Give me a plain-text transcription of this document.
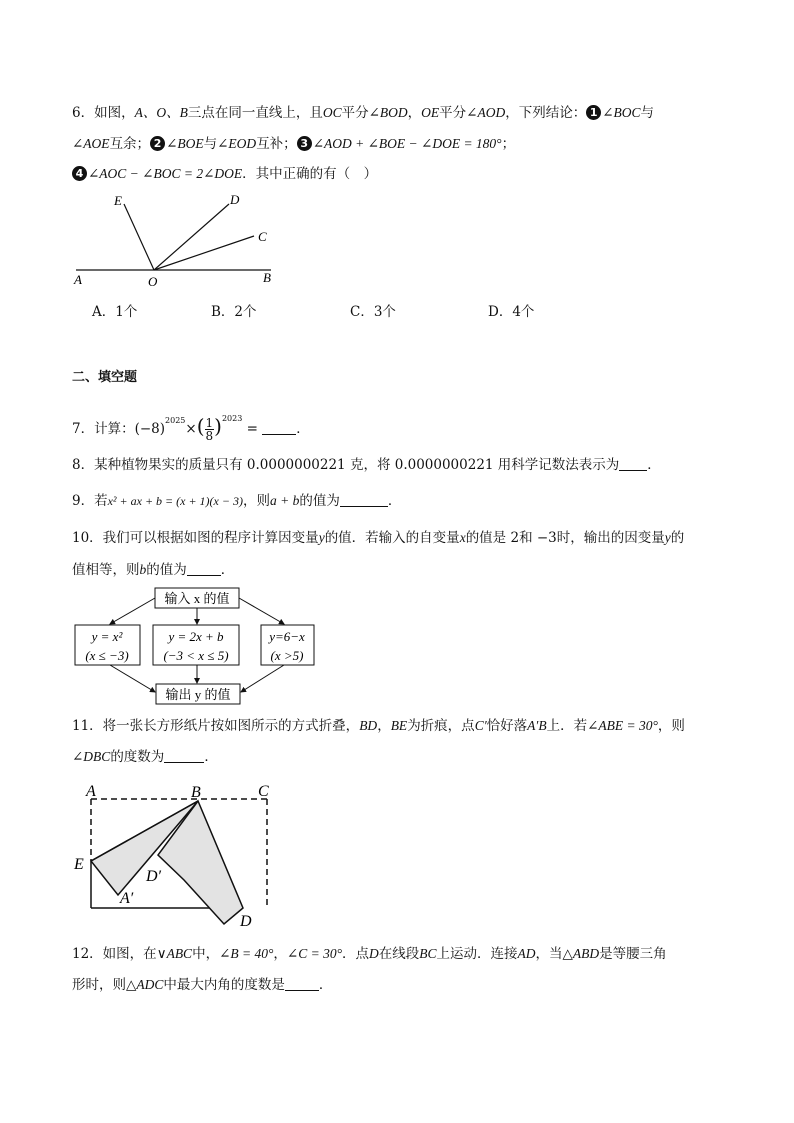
6．如图，A、O、B三点在同一直线上，且OC平分∠BOD，OE平分∠AOD，下列结论： 1 ∠BOC与
∠AOE互余； 2 ∠BOE与∠EOD互补； 3 ∠AOD + ∠BOE − ∠DOE = 180°；
4 ∠AOC − ∠BOC = 2∠DOE．其中正确的有（　）
E	D
C
A	O	B
A．1个	B．2个	C．3个	D．4个
二、填空题
7．计算：$(-8)^{2025}\times( \frac{1}{8} )^{2023}$ =	．
8．某种植物果实的质量只有 0.0000000221 克，将 0.0000000221 用科学记数法表示为 ．
9．若x² + ax + b = (x + 1)(x − 3)，则a + b的值为	．
10．我们可以根据如图的程序计算因变量y的值．若输入的自变量x的值是 2和 −3时，输出的因变量y的
值相等，则b的值为	．
输入 x 的值
y = x²
(x ≤ −3)
y = 2x + b
(−3 < x ≤ 5)
y=6−x
(x >5)
输出 y 的值
11．将一张长方形纸片按如图所示的方式折叠，BD，BE为折痕，点C′恰好落A′B上．若∠ABE = 30°，则
∠DBC的度数为	．
A	B	C
E
D′
A′
D
12．如图，在∨ABC中，∠B = 40°，∠C = 30°．点D在线段BC上运动．连接AD，当△ABD是等腰三角
形时，则△ADC中最大内角的度数是	．
